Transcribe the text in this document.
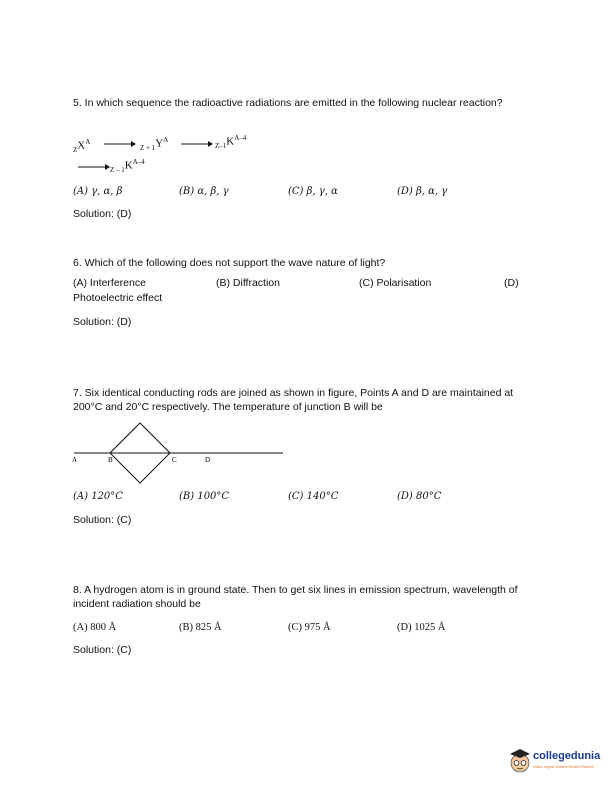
5. In which sequence the radioactive radiations are emitted in the following nuclear reaction?
$_ZX^A$
$_{Z + 1}Y^A$
$_{Z-1}K^{A-4}$
$_{Z - 1}K^{A-4}$
(A) γ, α, β	(B) α, β, γ	(C) β, γ, α	(D) β, α, γ
Solution: (D)
6. Which of the following does not support the wave nature of light?
(A) Interference	(B) Diffraction	(C) Polarisation	(D)
Photoelectric effect
Solution: (D)
7. Six identical conducting rods are joined as shown in figure, Points A and D are maintained at 200°C and 20°C respectively. The temperature of junction B will be
A	B	C	D
(A) 120°C	(B) 100°C	(C) 140°C	(D) 80°C
Solution: (C)
8. A hydrogen atom is in ground state. Then to get six lines in emission spectrum, wavelength of incident radiation should be
(A) 800 Å	(B) 825 Å	(C) 975 Å	(D) 1025 Å
Solution: (C)
collegedunia
India's largest Student Review Platform
